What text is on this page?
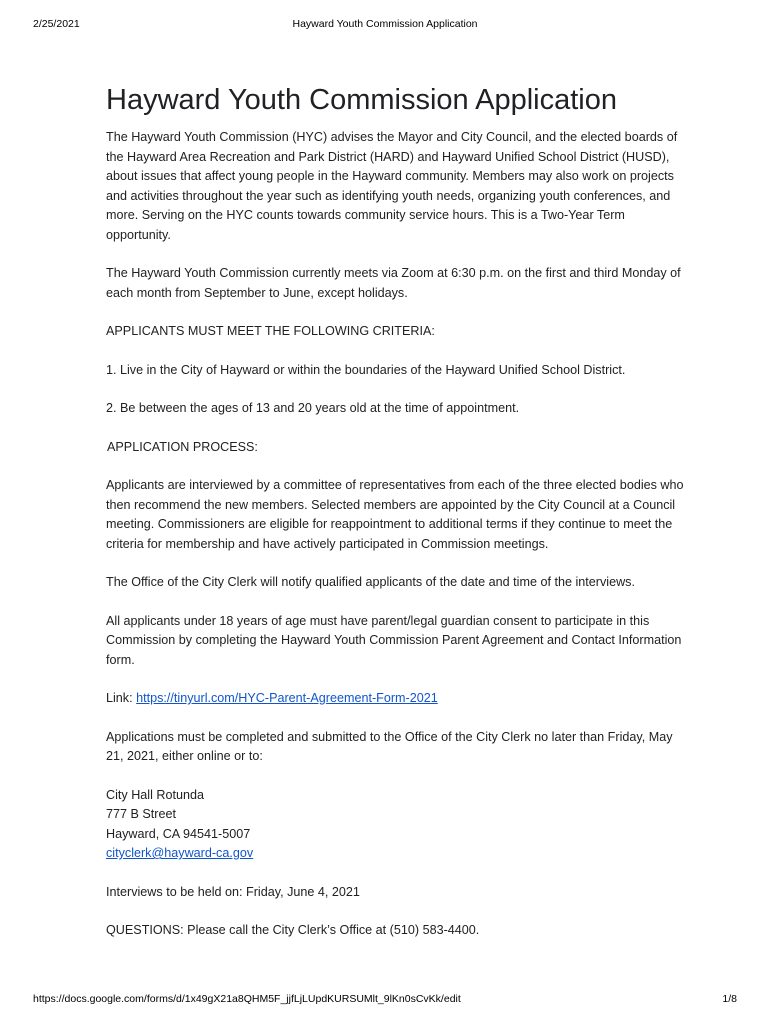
2/25/2021	Hayward Youth Commission Application
Hayward Youth Commission Application

The Hayward Youth Commission (HYC) advises the Mayor and City Council, and the elected boards of the Hayward Area Recreation and Park District (HARD) and Hayward Unified School District (HUSD), about issues that affect young people in the Hayward community. Members may also work on projects and activities throughout the year such as identifying youth needs, organizing youth conferences, and more. Serving on the HYC counts towards community service hours. This is a Two-Year Term opportunity.

The Hayward Youth Commission currently meets via Zoom at 6:30 p.m. on the first and third Monday of each month from September to June, except holidays.

APPLICANTS MUST MEET THE FOLLOWING CRITERIA:

1. Live in the City of Hayward or within the boundaries of the Hayward Unified School District.

2. Be between the ages of 13 and 20 years old at the time of appointment.

APPLICATION PROCESS:

Applicants are interviewed by a committee of representatives from each of the three elected bodies who then recommend the new members. Selected members are appointed by the City Council at a Council meeting. Commissioners are eligible for reappointment to additional terms if they continue to meet the criteria for membership and have actively participated in Commission meetings.

The Office of the City Clerk will notify qualified applicants of the date and time of the interviews.

All applicants under 18 years of age must have parent/legal guardian consent to participate in this Commission by completing the Hayward Youth Commission Parent Agreement and Contact Information form.

Link: https://tinyurl.com/HYC-Parent-Agreement-Form-2021

Applications must be completed and submitted to the Office of the City Clerk no later than Friday, May 21, 2021, either online or to:

City Hall Rotunda
777 B Street
Hayward, CA 94541-5007
cityclerk@hayward-ca.gov

Interviews to be held on: Friday, June 4, 2021

QUESTIONS: Please call the City Clerk’s Office at (510) 583-4400.

https://docs.google.com/forms/d/1x49gX21a8QHM5F_jjfLjLUpdKURSUMlt_9lKn0sCvKk/edit	1/8
